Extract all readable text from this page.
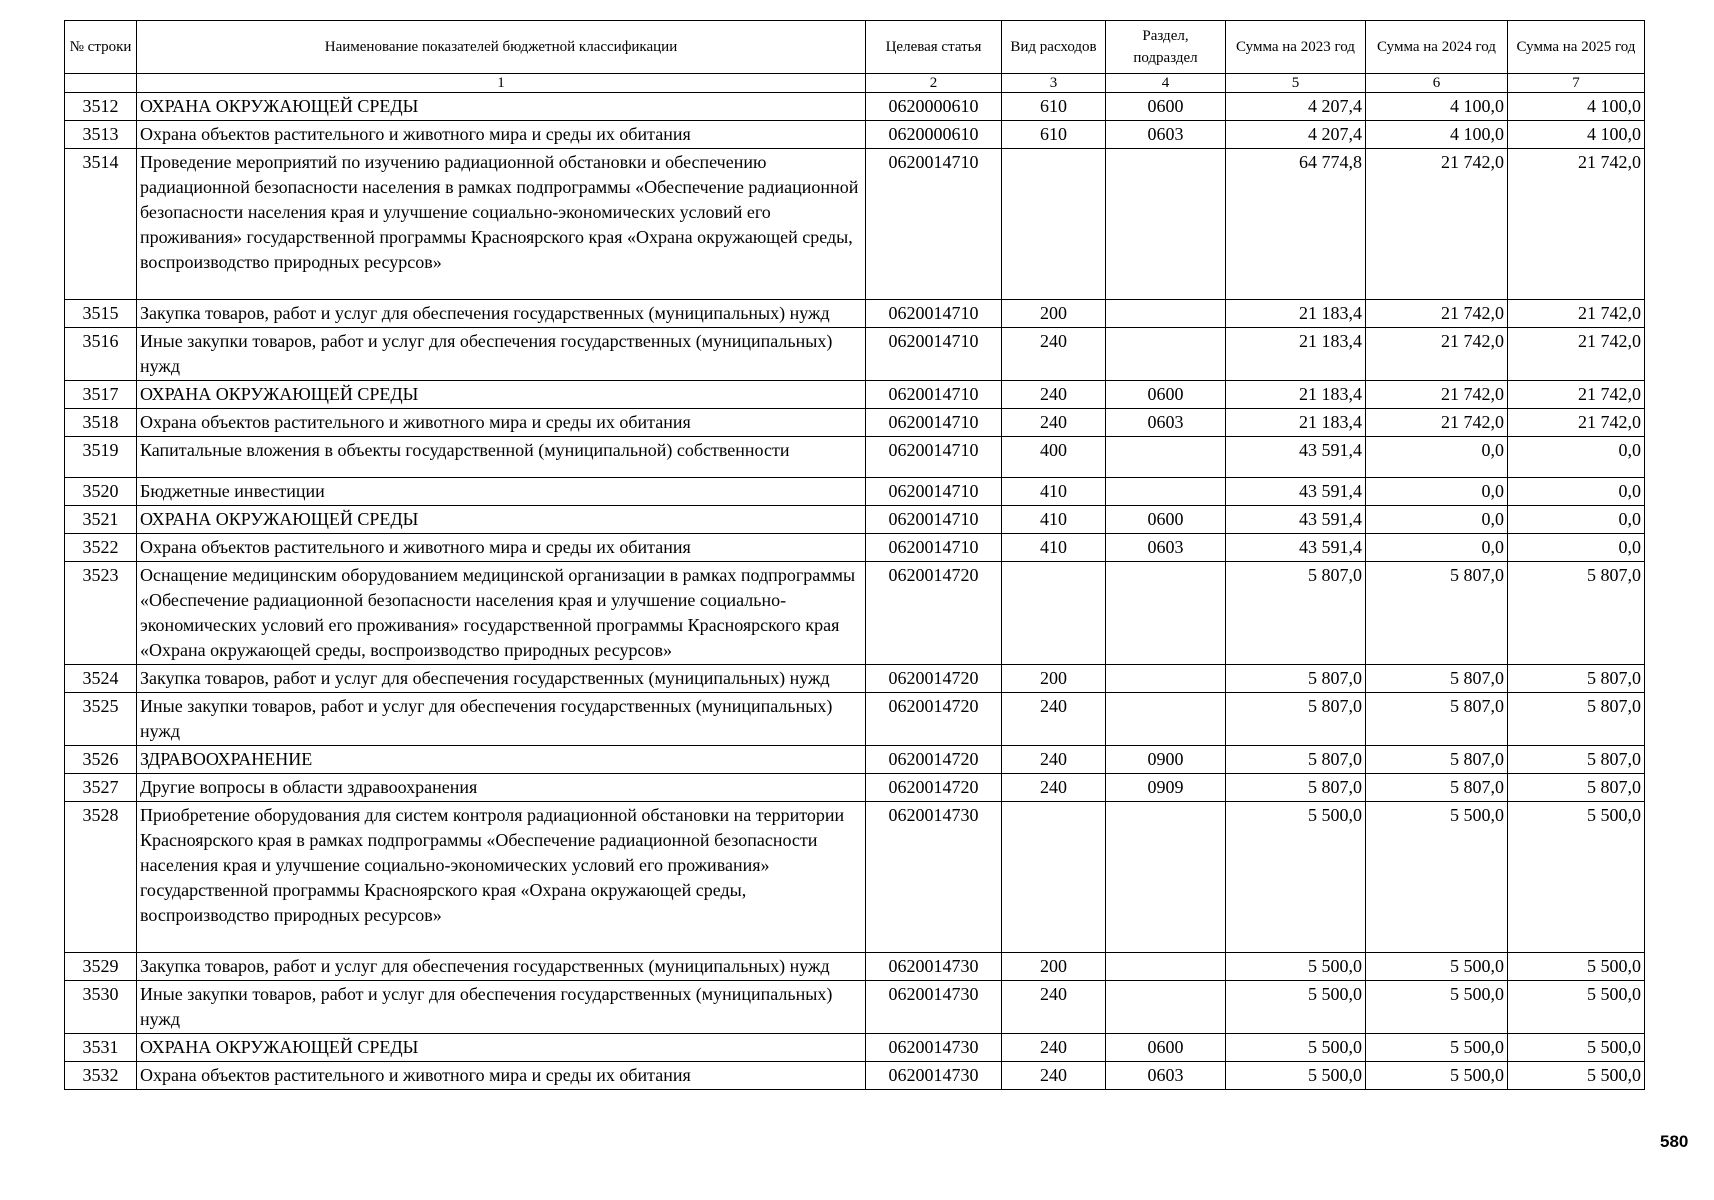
№ строки	Наименование показателей бюджетной классификации	Целевая статья	Вид расходов	Раздел, подраздел	Сумма на 2023 год	Сумма на 2024 год	Сумма на 2025 год
	1	2	3	4	5	6	7
3512	ОХРАНА ОКРУЖАЮЩЕЙ СРЕДЫ	0620000610	610	0600	4 207,4	4 100,0	4 100,0
3513	Охрана объектов растительного и животного мира и среды их обитания	0620000610	610	0603	4 207,4	4 100,0	4 100,0
3514	Проведение мероприятий по изучению радиационной обстановки и обеспечению радиационной безопасности населения в рамках подпрограммы «Обеспечение радиационной безопасности населения края и улучшение социально-экономических условий его проживания» государственной программы Красноярского края «Охрана окружающей среды, воспроизводство природных ресурсов»	0620014710			64 774,8	21 742,0	21 742,0
3515	Закупка товаров, работ и услуг для обеспечения государственных (муниципальных) нужд	0620014710	200		21 183,4	21 742,0	21 742,0
3516	Иные закупки товаров, работ и услуг для обеспечения государственных (муниципальных) нужд	0620014710	240		21 183,4	21 742,0	21 742,0
3517	ОХРАНА ОКРУЖАЮЩЕЙ СРЕДЫ	0620014710	240	0600	21 183,4	21 742,0	21 742,0
3518	Охрана объектов растительного и животного мира и среды их обитания	0620014710	240	0603	21 183,4	21 742,0	21 742,0
3519	Капитальные вложения в объекты государственной (муниципальной) собственности	0620014710	400		43 591,4	0,0	0,0
3520	Бюджетные инвестиции	0620014710	410		43 591,4	0,0	0,0
3521	ОХРАНА ОКРУЖАЮЩЕЙ СРЕДЫ	0620014710	410	0600	43 591,4	0,0	0,0
3522	Охрана объектов растительного и животного мира и среды их обитания	0620014710	410	0603	43 591,4	0,0	0,0
3523	Оснащение медицинским оборудованием медицинской организации в рамках подпрограммы «Обеспечение радиационной безопасности населения края и улучшение социально-экономических условий его проживания» государственной программы Красноярского края «Охрана окружающей среды, воспроизводство природных ресурсов»	0620014720			5 807,0	5 807,0	5 807,0
3524	Закупка товаров, работ и услуг для обеспечения государственных (муниципальных) нужд	0620014720	200		5 807,0	5 807,0	5 807,0
3525	Иные закупки товаров, работ и услуг для обеспечения государственных (муниципальных) нужд	0620014720	240		5 807,0	5 807,0	5 807,0
3526	ЗДРАВООХРАНЕНИЕ	0620014720	240	0900	5 807,0	5 807,0	5 807,0
3527	Другие вопросы в области здравоохранения	0620014720	240	0909	5 807,0	5 807,0	5 807,0
3528	Приобретение оборудования для систем контроля радиационной обстановки на территории Красноярского края в рамках подпрограммы «Обеспечение радиационной безопасности населения края и улучшение социально-экономических условий его проживания» государственной программы Красноярского края «Охрана окружающей среды, воспроизводство природных ресурсов»	0620014730			5 500,0	5 500,0	5 500,0
3529	Закупка товаров, работ и услуг для обеспечения государственных (муниципальных) нужд	0620014730	200		5 500,0	5 500,0	5 500,0
3530	Иные закупки товаров, работ и услуг для обеспечения государственных (муниципальных) нужд	0620014730	240		5 500,0	5 500,0	5 500,0
3531	ОХРАНА ОКРУЖАЮЩЕЙ СРЕДЫ	0620014730	240	0600	5 500,0	5 500,0	5 500,0
3532	Охрана объектов растительного и животного мира и среды их обитания	0620014730	240	0603	5 500,0	5 500,0	5 500,0
580
